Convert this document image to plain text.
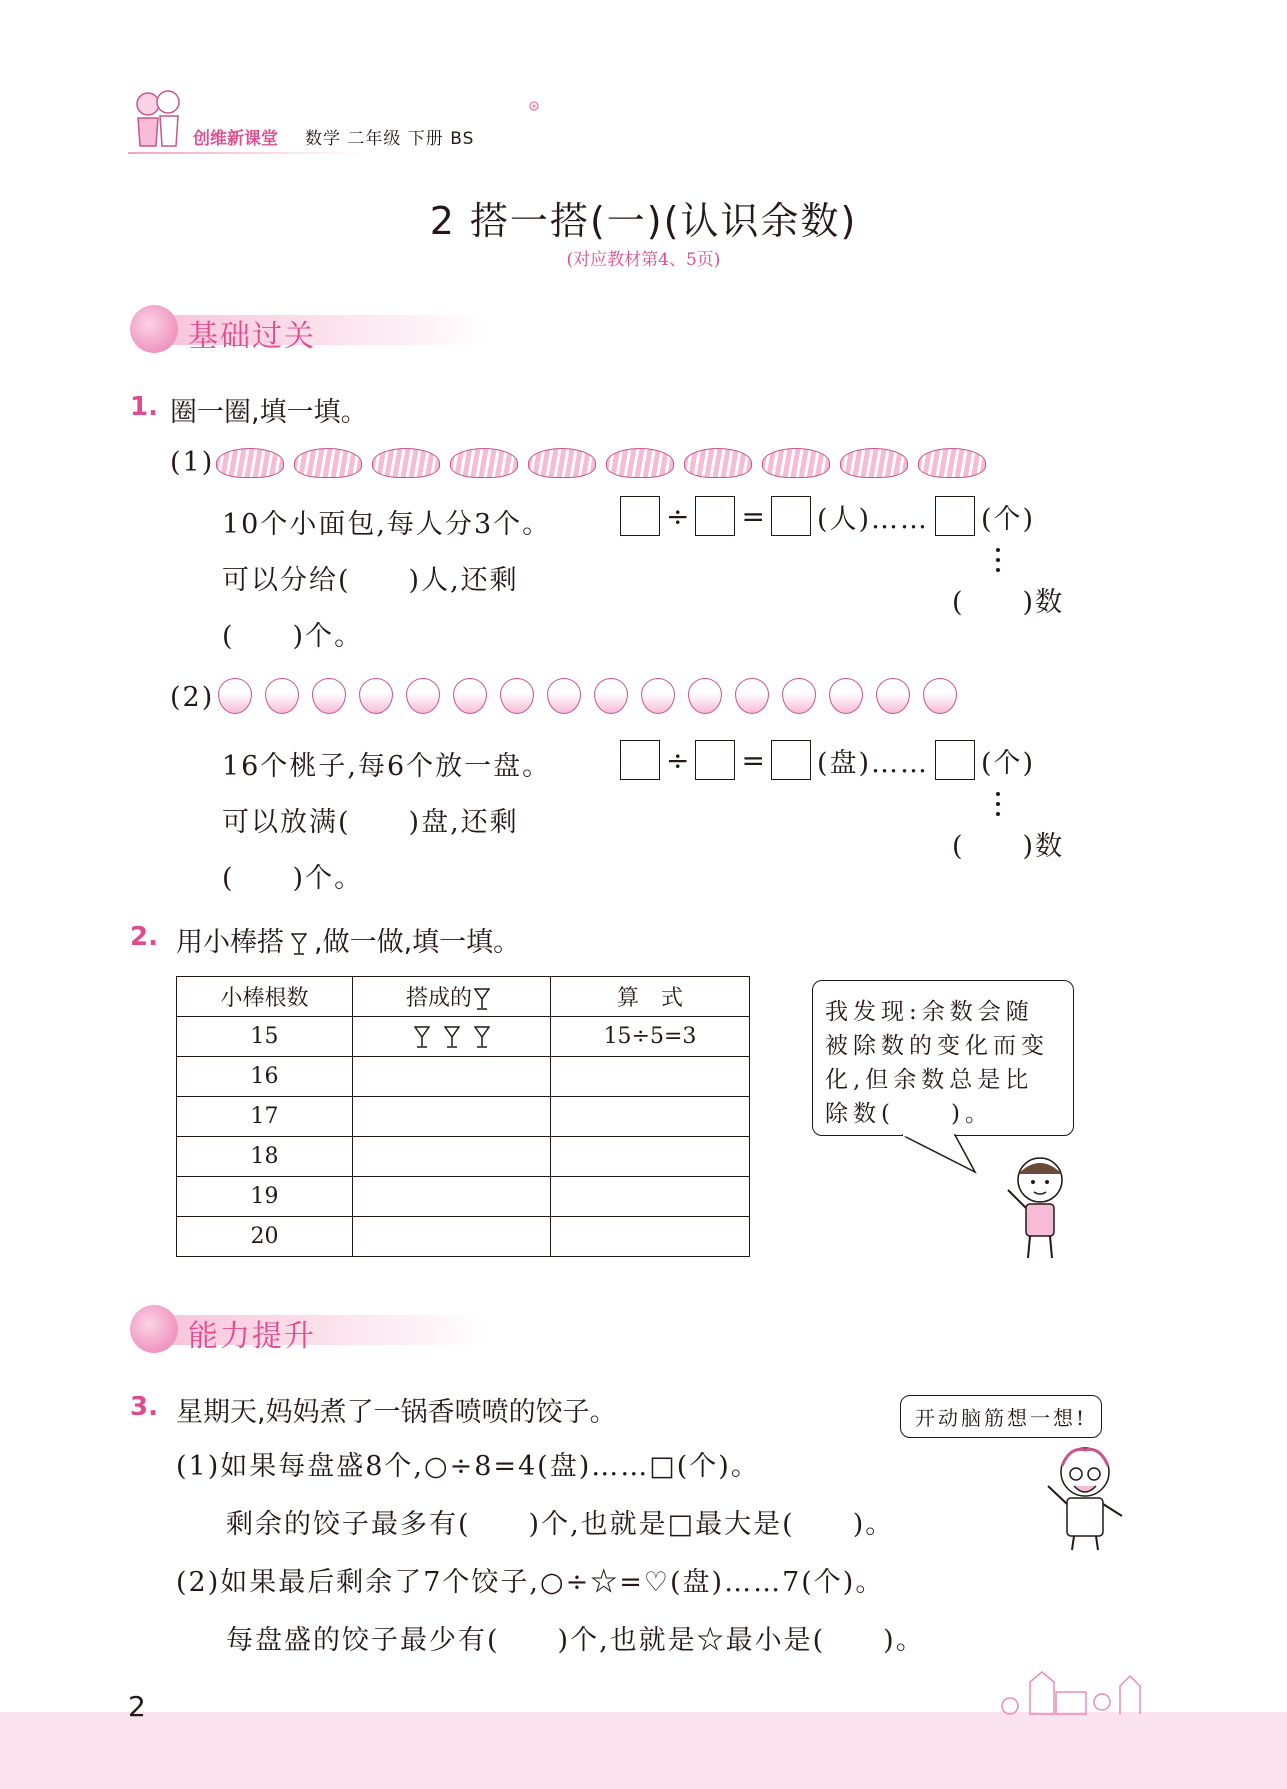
创维新课堂 数学 二年级 下册 BS
2 搭一搭(一)(认识余数)
(对应教材第4、5页)
基础过关
1. 圈一圈,填一填。
(1)
10个小面包,每人分3个。
可以分给(　　)人,还剩
(　　)个。
÷ = (人)…… (个)
(　　)数
(2)
16个桃子,每6个放一盘。
可以放满(　　)盘,还剩
(　　)个。
÷ = (盘)…… (个)
(　　)数
2. 用小棒搭 ,做一做,填一填。
小棒根数	搭成的	算　式
15		15÷5=3
16		
17		
18		
19		
20		
我发现:余数会随
被除数的变化而变
化,但余数总是比
除数(　　)。
能力提升
3. 星期天,妈妈煮了一锅香喷喷的饺子。	开动脑筋想一想!
(1)如果每盘盛8个,○÷8=4(盘)……□(个)。
剩余的饺子最多有(　　)个,也就是□最大是(　　)。
(2)如果最后剩余了7个饺子,○÷☆=♡(盘)……7(个)。
每盘盛的饺子最少有(　　)个,也就是☆最小是(　　)。
2
